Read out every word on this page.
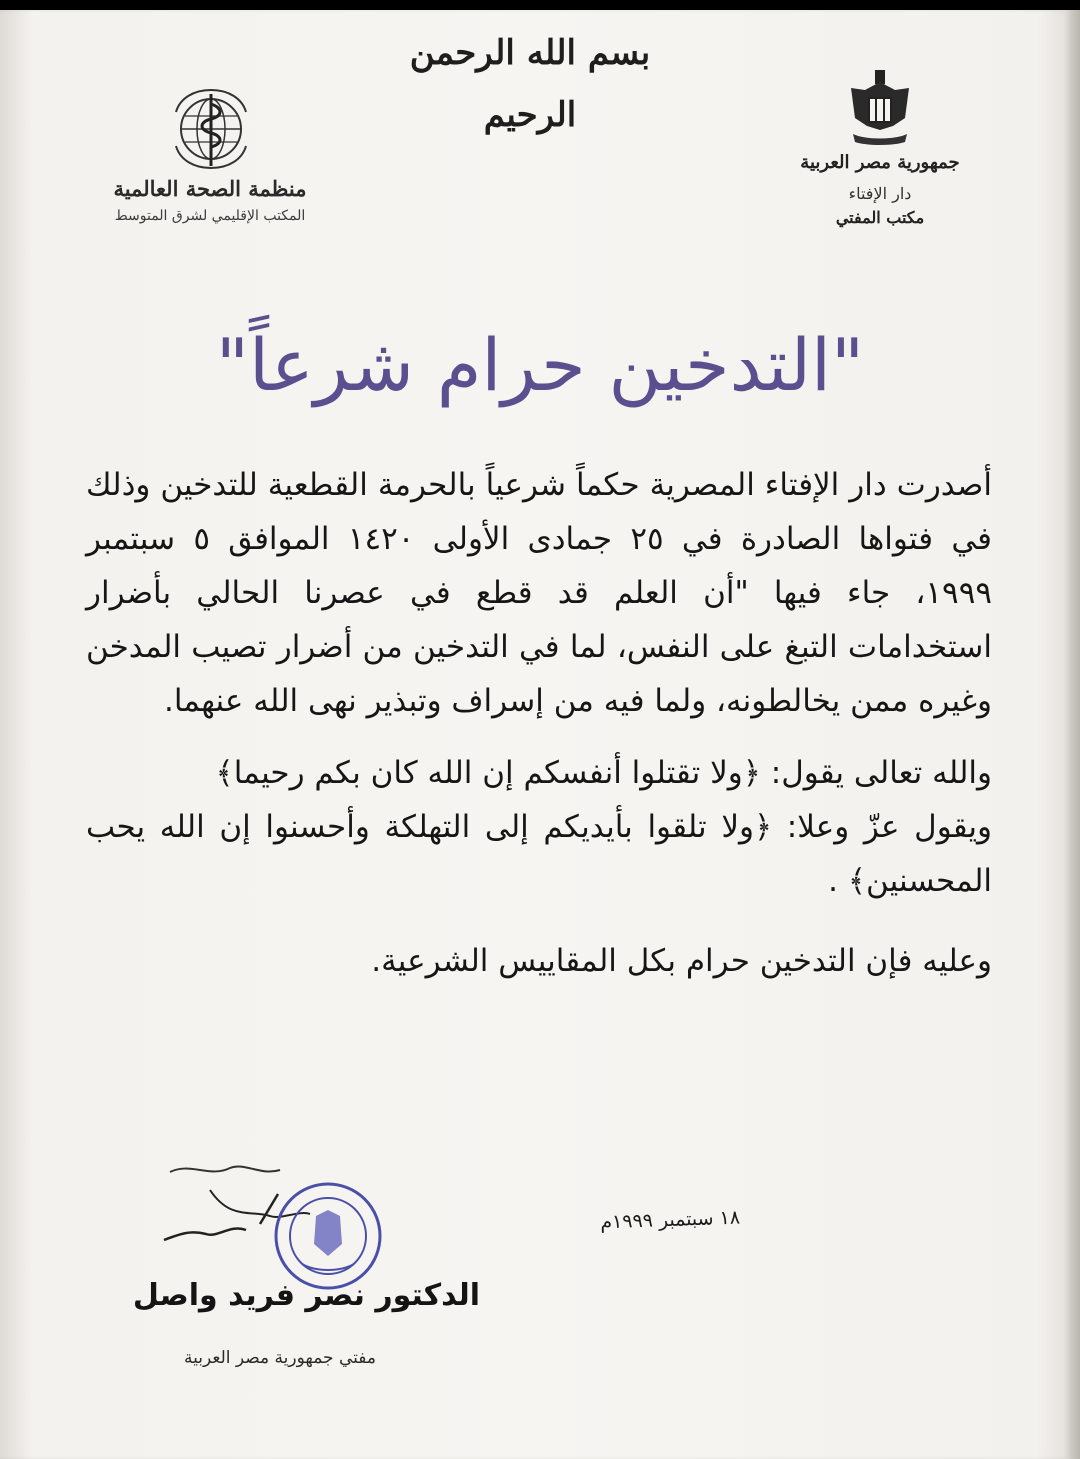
بسم الله الرحمن الرحيم
منظمة الصحة العالمية
المكتب الإقليمي لشرق المتوسط
جمهورية مصر العربية
دار الإفتاء
مكتب المفتي
"التدخين حرام شرعاً"

أصدرت دار الإفتاء المصرية حكماً شرعياً بالحرمة القطعية للتدخين وذلك في فتواها الصادرة في ٢٥ جمادى الأولى ١٤٢٠ الموافق ٥ سبتمبر ١٩٩٩، جاء فيها "أن العلم قد قطع في عصرنا الحالي بأضرار استخدامات التبغ على النفس، لما في التدخين من أضرار تصيب المدخن وغيره ممن يخالطونه، ولما فيه من إسراف وتبذير نهى الله عنهما.

والله تعالى يقول: ﴿ولا تقتلوا أنفسكم إن الله كان بكم رحيما﴾
ويقول عزّ وعلا: ﴿ولا تلقوا بأيديكم إلى التهلكة وأحسنوا إن الله يحب المحسنين﴾ .

وعليه فإن التدخين حرام بكل المقاييس الشرعية.

١٨ سبتمبر ١٩٩٩م
الدكتور نصر فريد واصل
مفتي جمهورية مصر العربية
